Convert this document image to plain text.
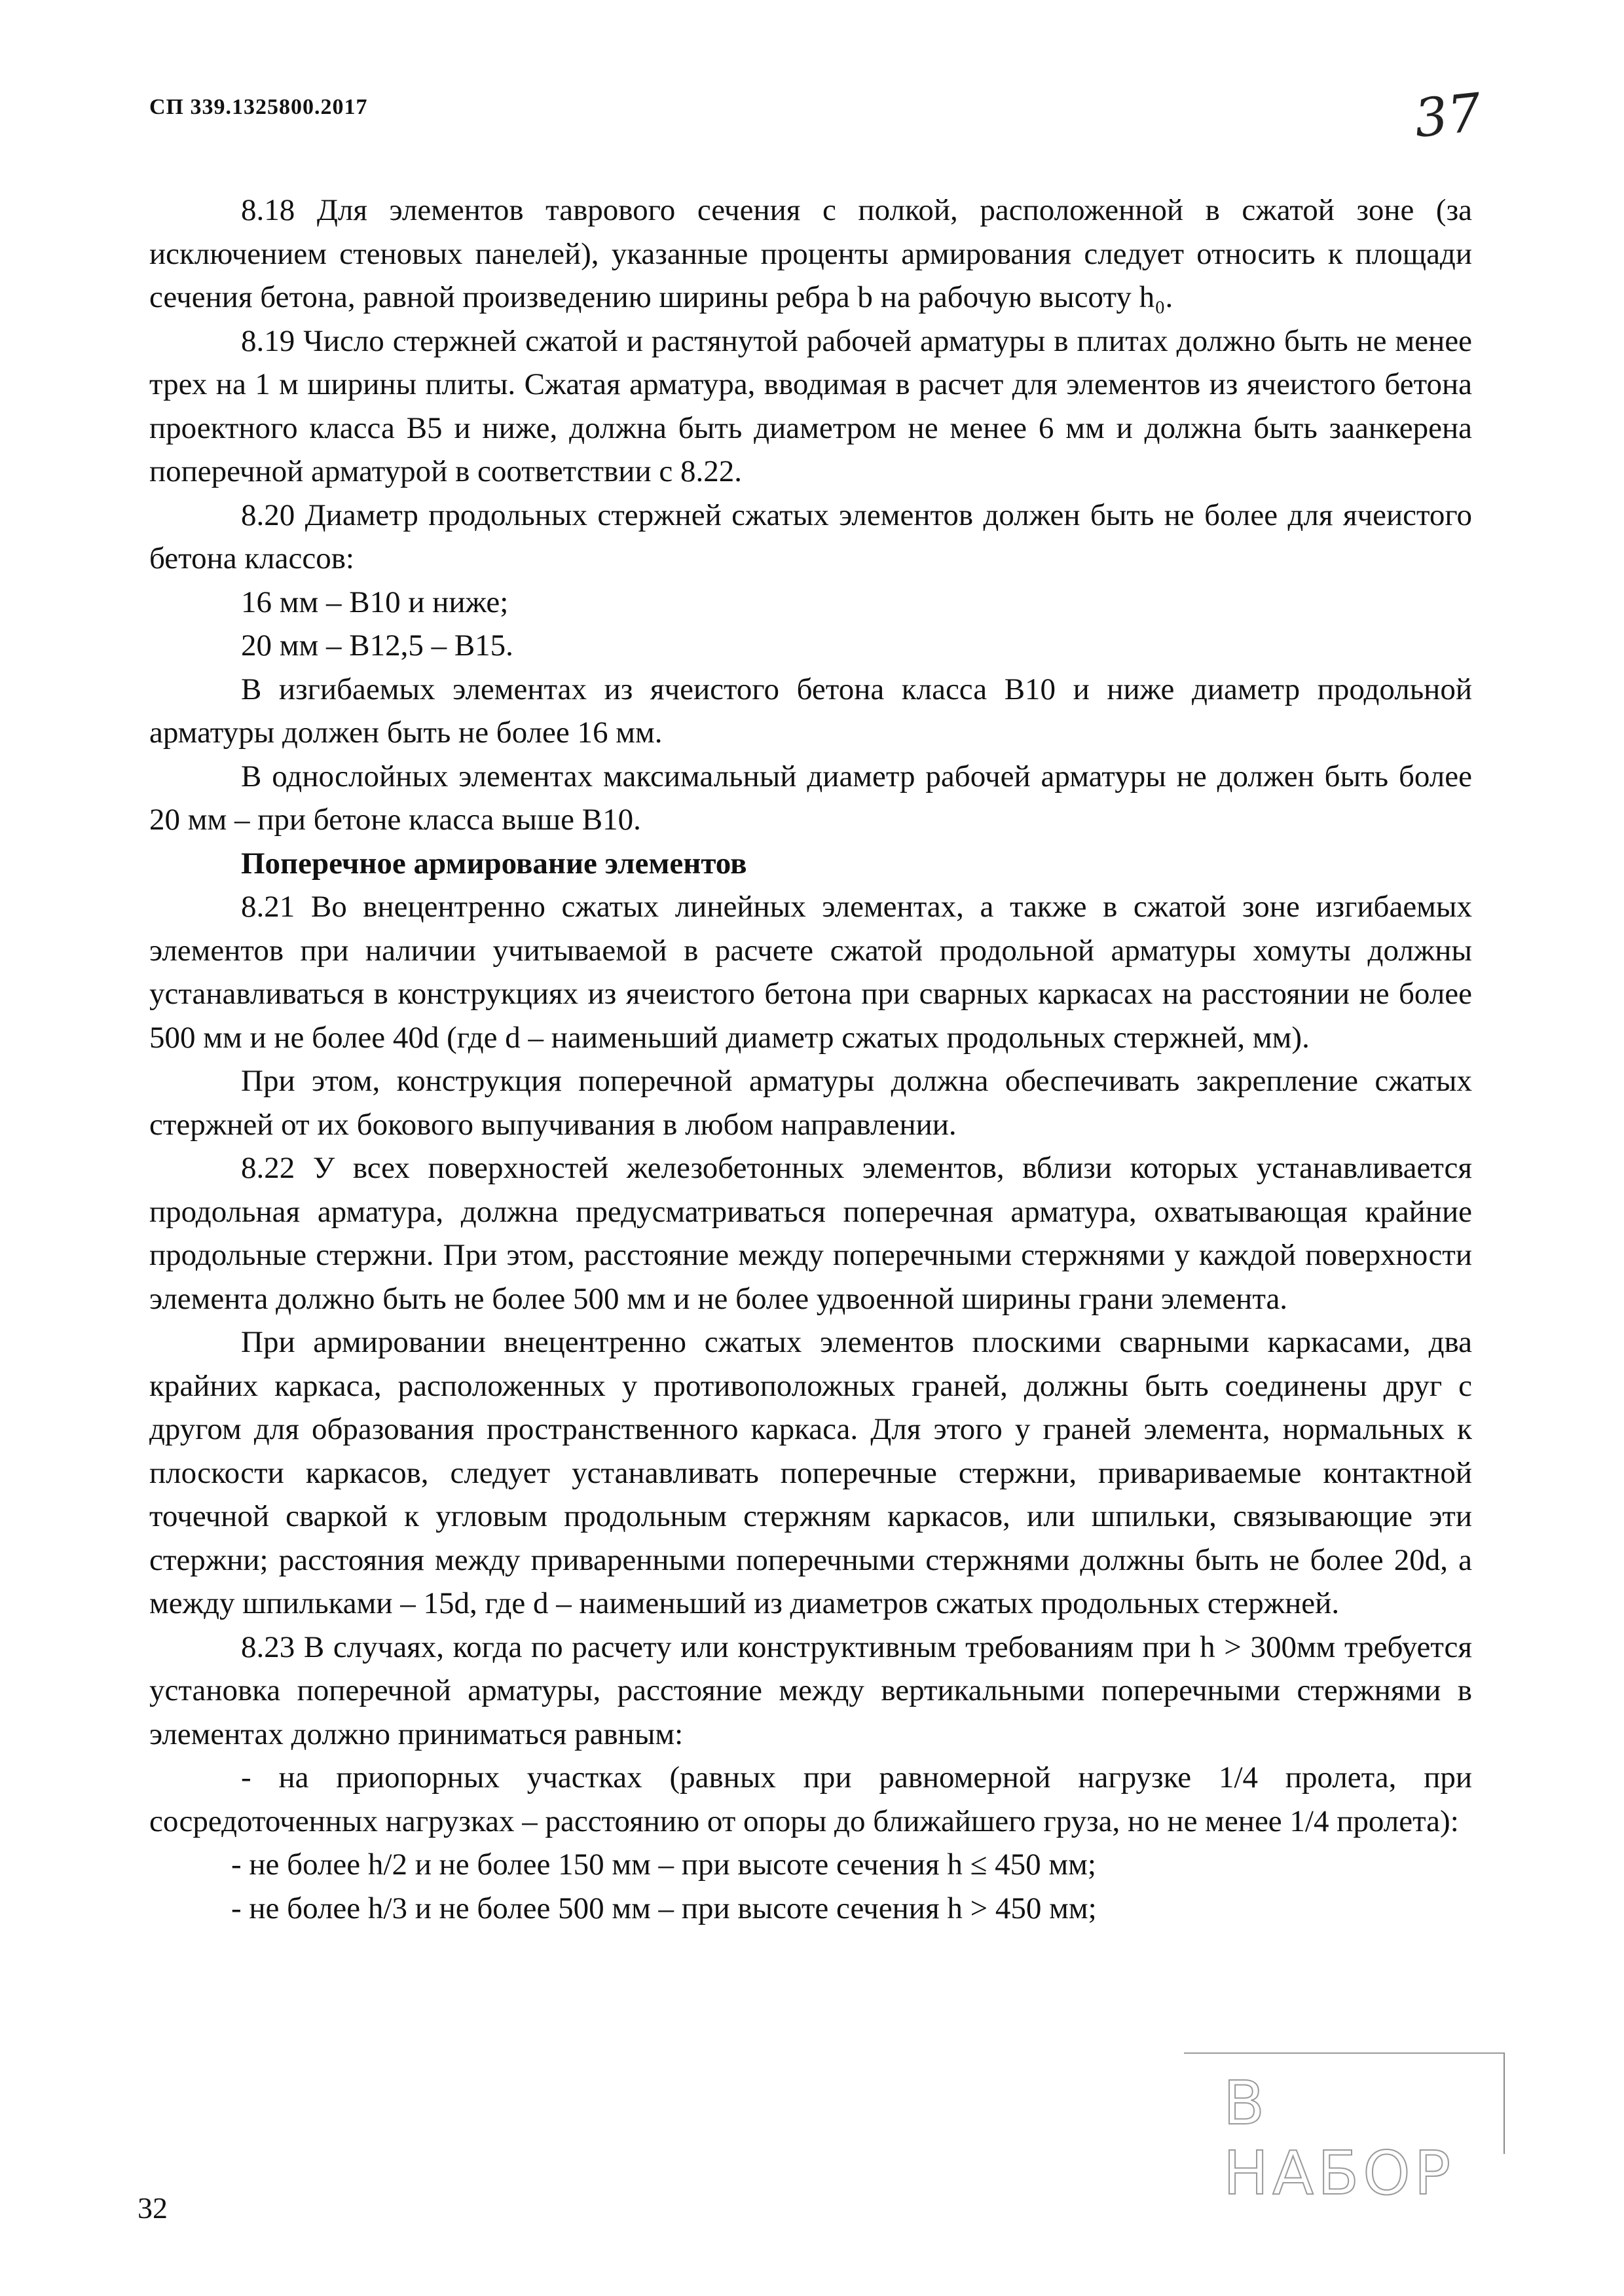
СП 339.1325800.2017	37

8.18 Для элементов таврового сечения с полкой, расположенной в сжатой зоне (за исключением стеновых панелей), указанные проценты армирования следует относить к площади сечения бетона, равной произведению ширины ребра b на рабочую высоту h₀.

8.19 Число стержней сжатой и растянутой рабочей арматуры в плитах должно быть не менее трех на 1 м ширины плиты. Сжатая арматура, вводимая в расчет для элементов из ячеистого бетона проектного класса В5 и ниже, должна быть диаметром не менее 6 мм и должна быть заанкерена поперечной арматурой в соответствии с 8.22.

8.20 Диаметр продольных стержней сжатых элементов должен быть не более для ячеистого бетона классов:

16 мм – В10 и ниже;

20 мм – В12,5 – В15.

В изгибаемых элементах из ячеистого бетона класса В10 и ниже диаметр продольной арматуры должен быть не более 16 мм.

В однослойных элементах максимальный диаметр рабочей арматуры не должен быть более 20 мм – при бетоне класса выше В10.

Поперечное армирование элементов

8.21 Во внецентренно сжатых линейных элементах, а также в сжатой зоне изгибаемых элементов при наличии учитываемой в расчете сжатой продольной арматуры хомуты должны устанавливаться в конструкциях из ячеистого бетона при сварных каркасах на расстоянии не более 500 мм и не более 40d (где d – наименьший диаметр сжатых продольных стержней, мм).

При этом, конструкция поперечной арматуры должна обеспечивать закрепление сжатых стержней от их бокового выпучивания в любом направлении.

8.22 У всех поверхностей железобетонных элементов, вблизи которых устанавливается продольная арматура, должна предусматриваться поперечная арматура, охватывающая крайние продольные стержни. При этом, расстояние между поперечными стержнями у каждой поверхности элемента должно быть не более 500 мм и не более удвоенной ширины грани элемента.

При армировании внецентренно сжатых элементов плоскими сварными каркасами, два крайних каркаса, расположенных у противоположных граней, должны быть соединены друг с другом для образования пространственного каркаса. Для этого у граней элемента, нормальных к плоскости каркасов, следует устанавливать поперечные стержни, привариваемые контактной точечной сваркой к угловым продольным стержням каркасов, или шпильки, связывающие эти стержни; расстояния между приваренными поперечными стержнями должны быть не более 20d, а между шпильками – 15d, где d – наименьший из диаметров сжатых продольных стержней.

8.23 В случаях, когда по расчету или конструктивным требованиям при h > 300мм требуется установка поперечной арматуры, расстояние между вертикальными поперечными стержнями в элементах должно приниматься равным:

- на приопорных участках (равных при равномерной нагрузке 1/4 пролета, при сосредоточенных нагрузках – расстоянию от опоры до ближайшего груза, но не менее 1/4 пролета):

- не более h/2 и не более 150 мм – при высоте сечения h ≤ 450 мм;

- не более h/3 и не более 500 мм – при высоте сечения h > 450 мм;

В НАБОР
32
